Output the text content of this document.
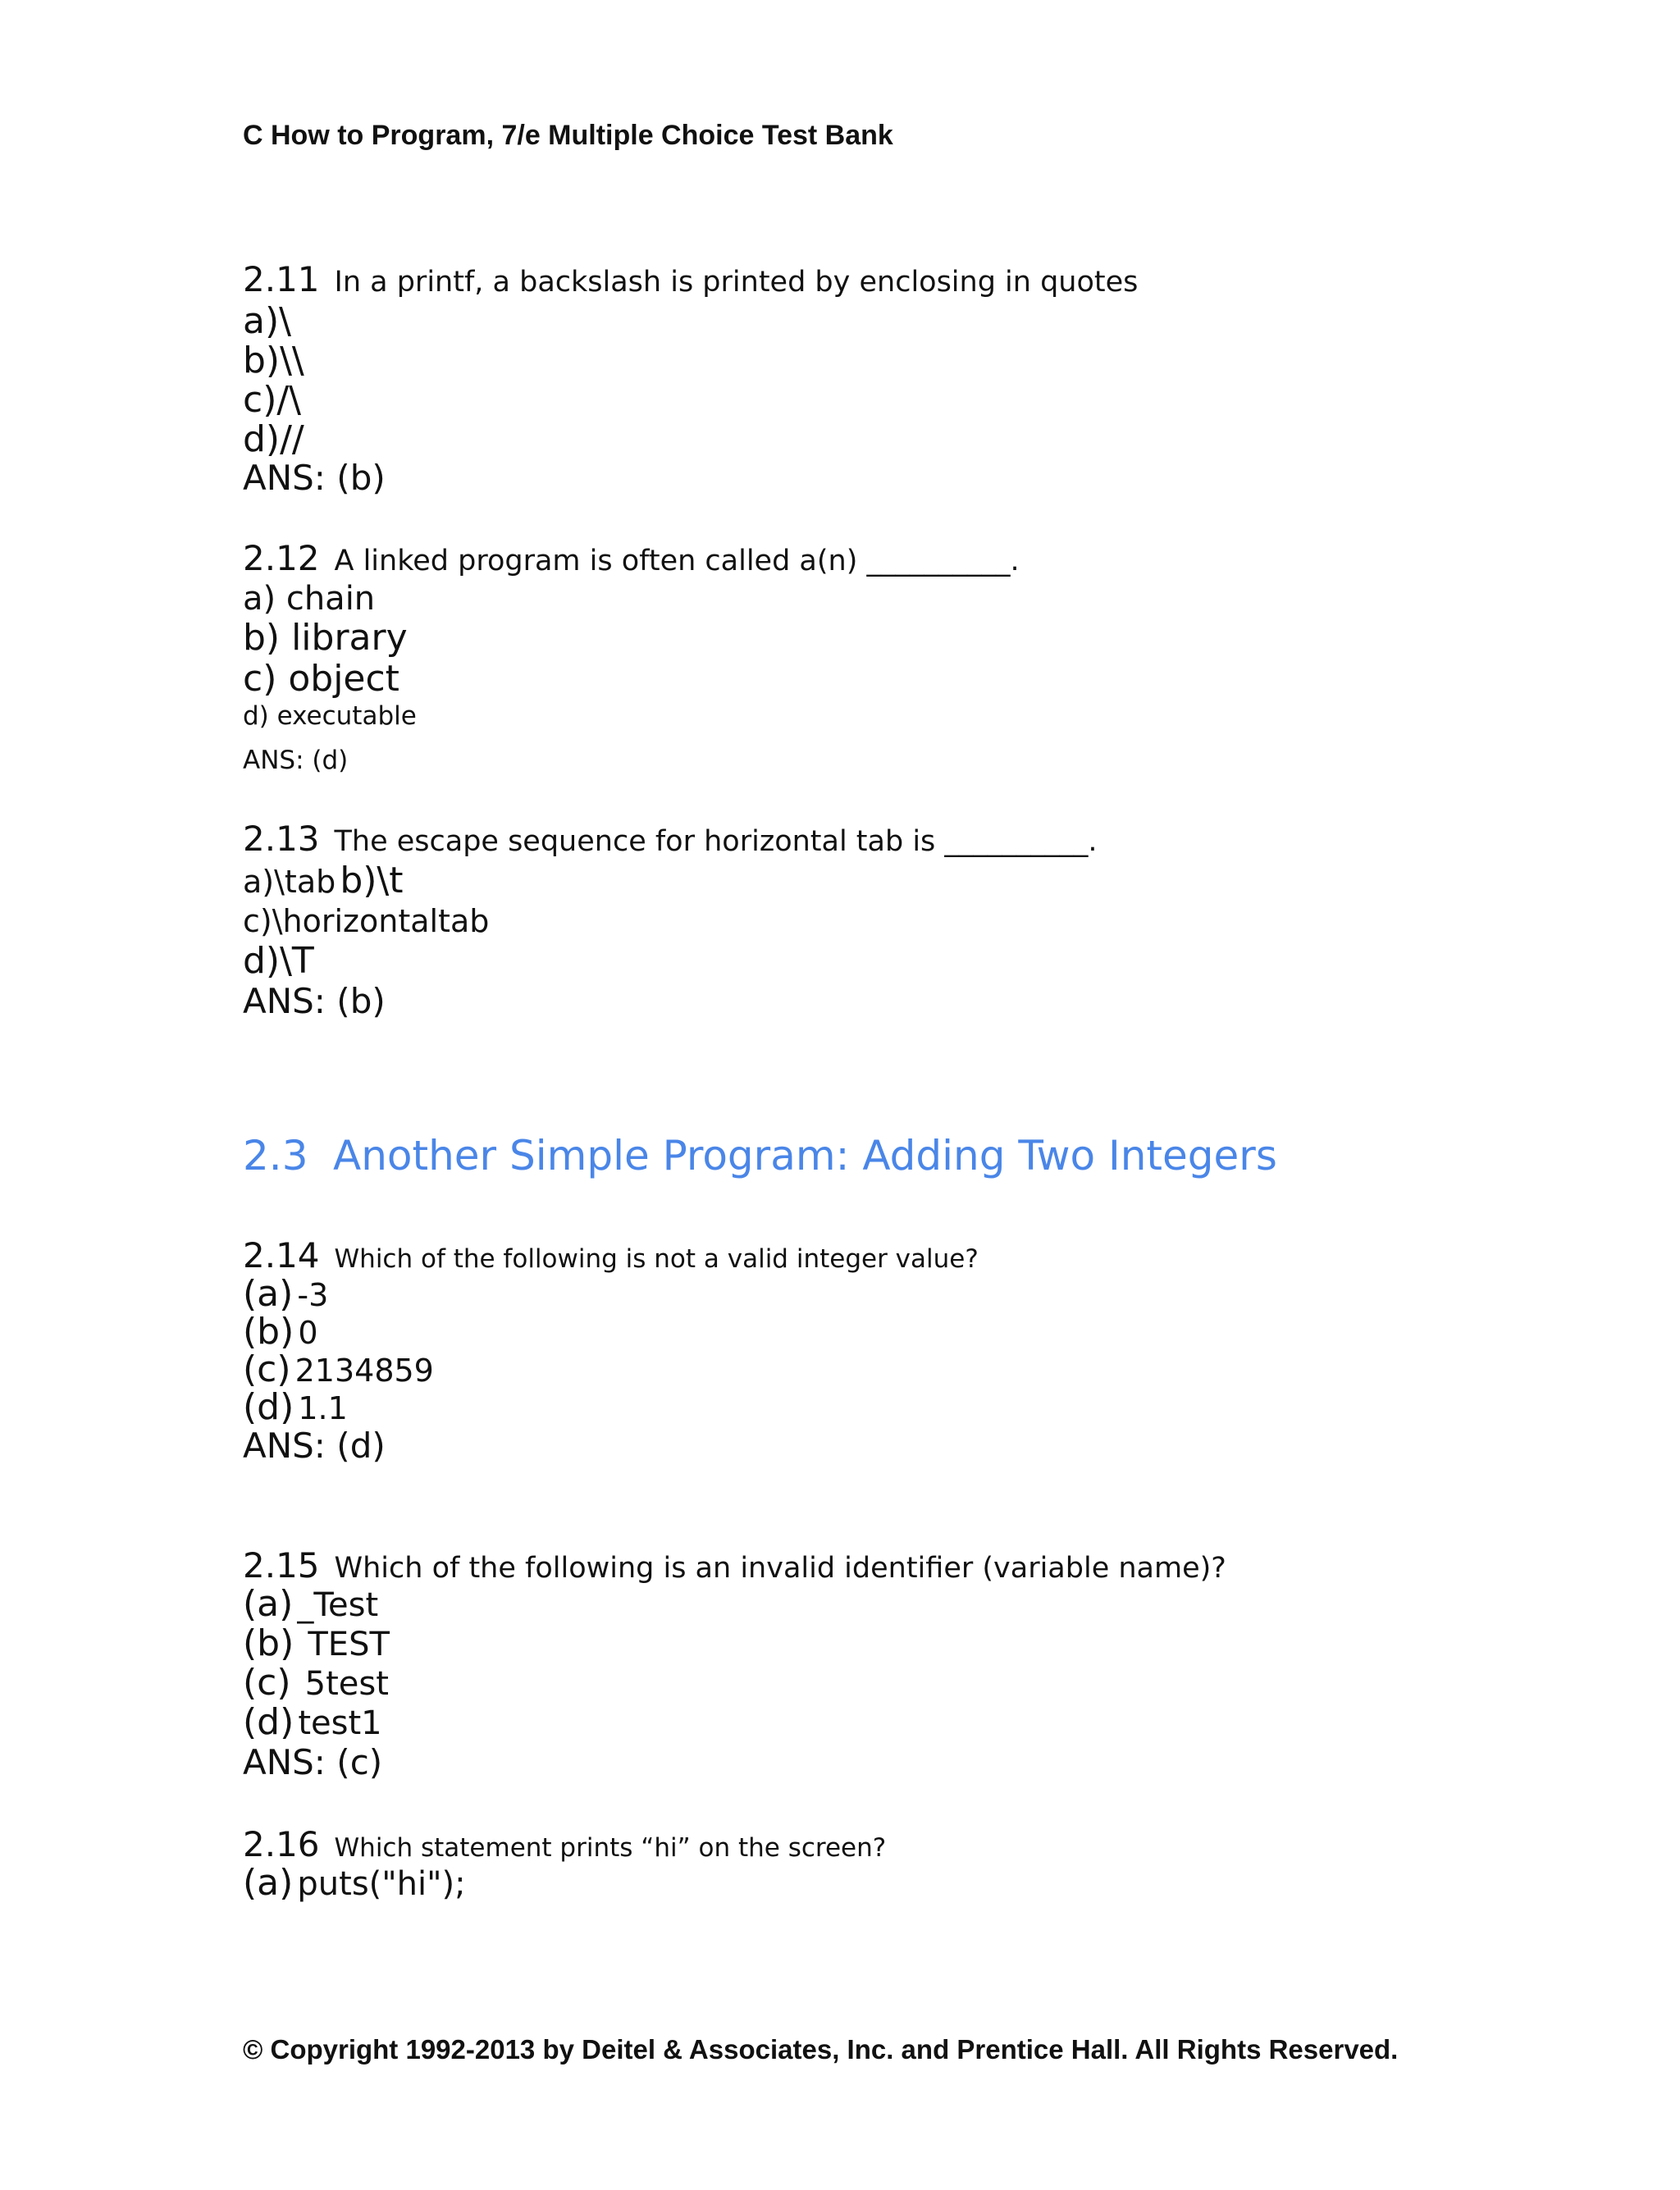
C How to Program, 7/e Multiple Choice Test Bank
2.11 In a printf, a backslash is printed by enclosing in quotes
a)\
b)\\
c)/\
d)//
ANS: (b)
2.12 A linked program is often called a(n) __________.
a) chain
b) library
c) object
d) executable
ANS: (d)
2.13 The escape sequence for horizontal tab is __________.
a)\tab b)\t
c)\horizontaltab
d)\T
ANS: (b)
2.3 Another Simple Program: Adding Two Integers
2.14 Which of the following is not a valid integer value?
(a) -3
(b) 0
(c) 2134859
(d) 1.1
ANS: (d)
2.15 Which of the following is an invalid identifier (variable name)?
(a) _Test
(b) TEST
(c) 5test
(d) test1
ANS: (c)
2.16 Which statement prints “hi” on the screen?
(a) puts("hi");
© Copyright 1992-2013 by Deitel & Associates, Inc. and Prentice Hall. All Rights Reserved.
